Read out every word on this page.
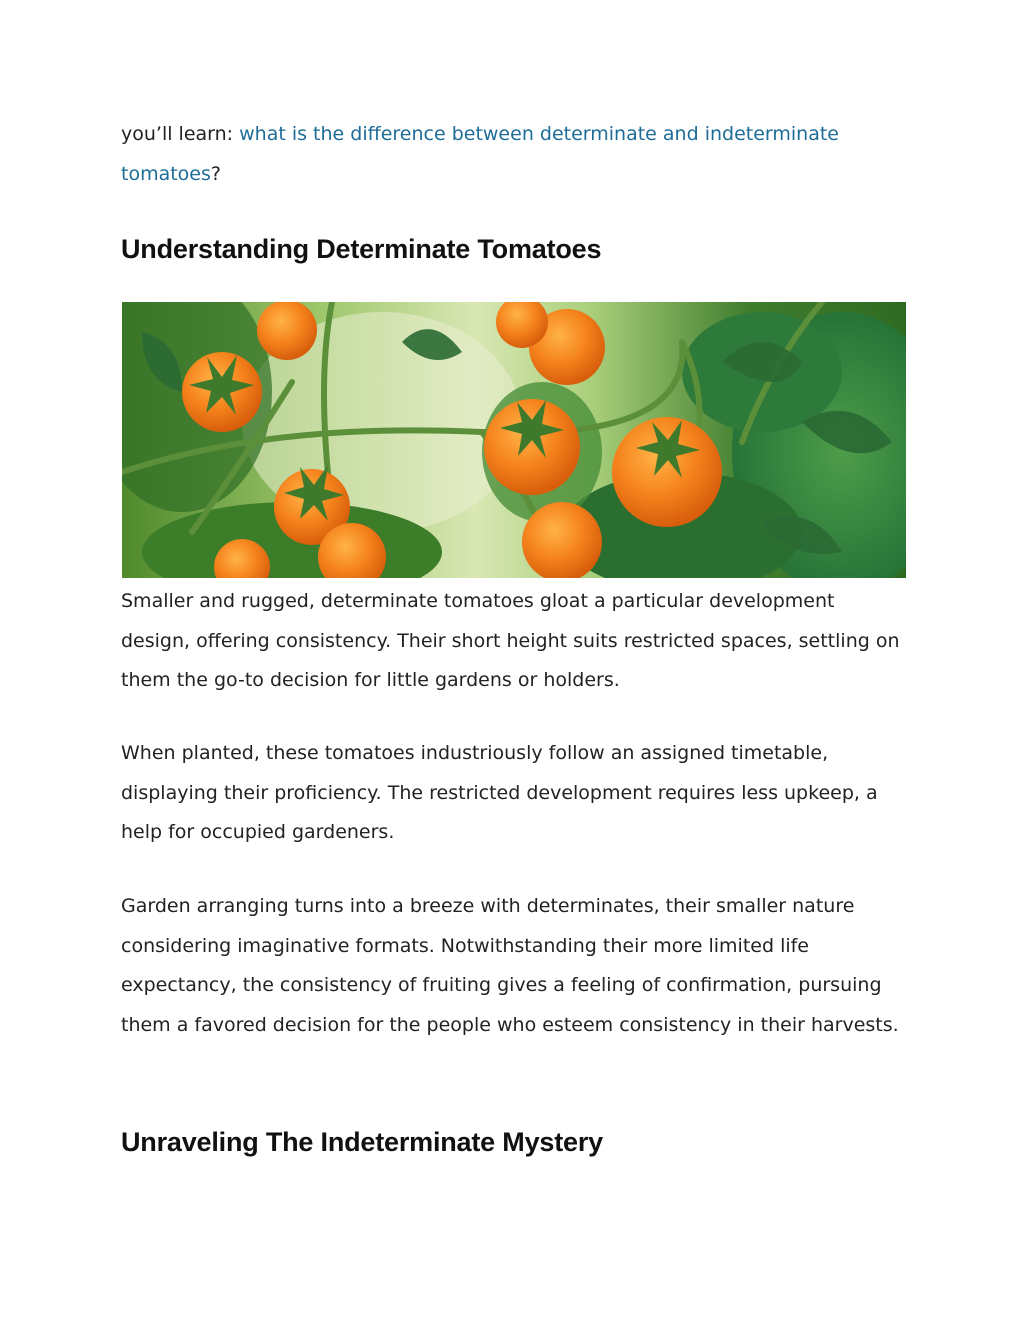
you’ll learn: what is the difference between determinate and indeterminate tomatoes?

Understanding Determinate Tomatoes

Smaller and rugged, determinate tomatoes gloat a particular development design, offering consistency. Their short height suits restricted spaces, settling on them the go-to decision for little gardens or holders.

When planted, these tomatoes industriously follow an assigned timetable, displaying their proficiency. The restricted development requires less upkeep, a help for occupied gardeners.

Garden arranging turns into a breeze with determinates, their smaller nature considering imaginative formats. Notwithstanding their more limited life expectancy, the consistency of fruiting gives a feeling of confirmation, pursuing them a favored decision for the people who esteem consistency in their harvests.

Unraveling The Indeterminate Mystery
